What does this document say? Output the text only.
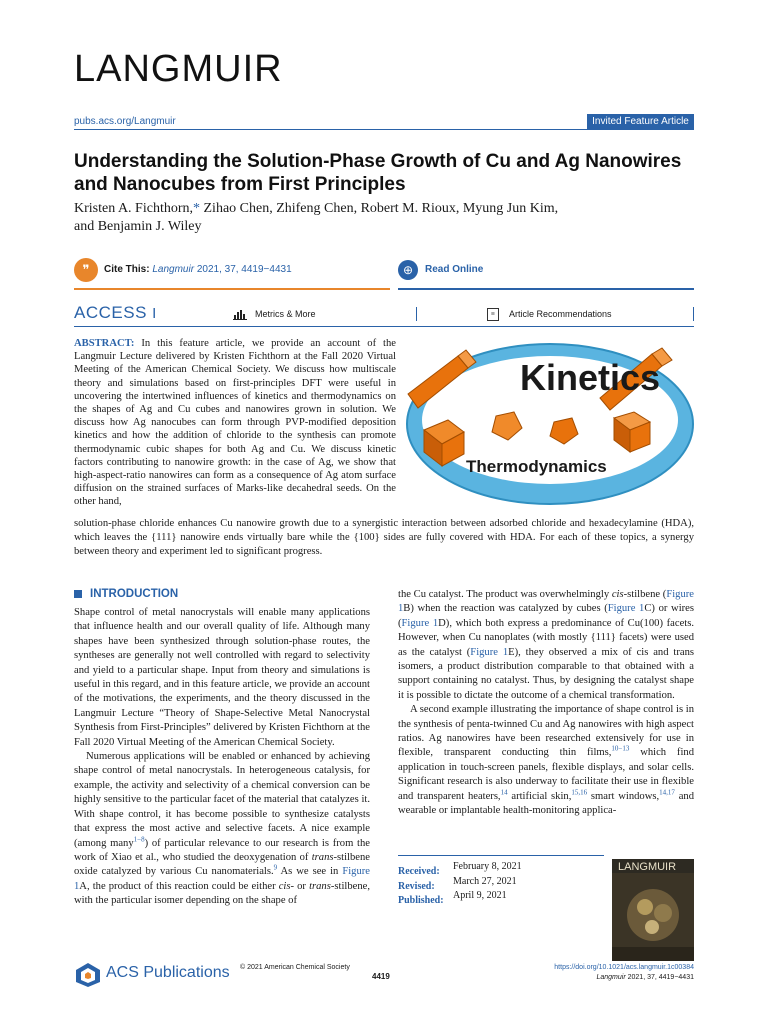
LANGMUIR
pubs.acs.org/Langmuir	Invited Feature Article
Understanding the Solution-Phase Growth of Cu and Ag Nanowires and Nanocubes from First Principles
Kristen A. Fichthorn,* Zihao Chen, Zhifeng Chen, Robert M. Rioux, Myung Jun Kim,
and Benjamin J. Wiley
❞	Cite This: Langmuir 2021, 37, 4419−4431	⊕	Read Online
ACCESS I	Metrics & More	≡	Article Recommendations
ABSTRACT: In this feature article, we provide an account of the Langmuir Lecture delivered by Kristen Fichthorn at the Fall 2020 Virtual Meeting of the American Chemical Society. We discuss how multiscale theory and simulations based on first-principles DFT were useful in uncovering the intertwined influences of kinetics and thermodynamics on the shapes of Ag and Cu cubes and nanowires grown in solution. We discuss how Ag nanocubes can form through PVP-modified deposition kinetics and how the addition of chloride to the synthesis can promote thermodynamic cubic shapes for both Ag and Cu. We discuss kinetic factors contributing to nanowire growth: in the case of Ag, we show that high-aspect-ratio nanowires can form as a consequence of Ag atom surface diffusion on the strained surfaces of Marks-like decahedral seeds. On the other hand,
solution-phase chloride enhances Cu nanowire growth due to a synergistic interaction between adsorbed chloride and hexadecylamine (HDA), which leaves the {111} nanowire ends virtually bare while the {100} sides are fully covered with HDA. For each of these topics, a synergy between theory and experiment led to significant progress.
Kinetics
Thermodynamics
INTRODUCTION
Shape control of metal nanocrystals will enable many applications that influence health and our overall quality of life. Although many shapes have been synthesized through solution-phase routes, the syntheses are generally not well controlled with regard to selectivity and yield to a particular shape. Input from theory and simulations is useful in this regard, and in this feature article, we provide an account of the motivations, the experiments, and the theory discussed in the Langmuir Lecture “Theory of Shape-Selective Metal Nanocrystal Synthesis from First-Principles” delivered by Kristen Fichthorn at the Fall 2020 Virtual Meeting of the American Chemical Society.
Numerous applications will be enabled or enhanced by achieving shape control of metal nanocrystals. In heterogeneous catalysis, for example, the activity and selectivity of a chemical conversion can be highly sensitive to the particular facet of the material that catalyzes it. With shape control, it has become possible to synthesize catalysts that express the most active and selective facets. A nice example (among many$^{1-8}$) of particular relevance to our research is from the work of Xiao et al., who studied the deoxygenation of trans-stilbene oxide catalyzed by various Cu nanomaterials.$^9$ As we see in Figure 1A, the product of this reaction could be either cis- or trans-stilbene, with the particular isomer depending on the shape of
the Cu catalyst. The product was overwhelmingly cis-stilbene (Figure 1B) when the reaction was catalyzed by cubes (Figure 1C) or wires (Figure 1D), which both express a predominance of Cu(100) facets. However, when Cu nanoplates (with mostly {111} facets) were used as the catalyst (Figure 1E), they observed a mix of cis and trans isomers, a product distribution comparable to that obtained with a support containing no catalyst. Thus, by designing the catalyst shape it is possible to dictate the outcome of a chemical transformation.
A second example illustrating the importance of shape control is in the synthesis of penta-twinned Cu and Ag nanowires with high aspect ratios. Ag nanowires have been researched extensively for use in flexible, transparent conducting thin films,$^{10-13}$ which find application in touch-screen panels, flexible displays, and solar cells. Significant research is also underway to facilitate their use in flexible and transparent heaters,$^{14}$ artificial skin,$^{15,16}$ smart windows,$^{14,17}$ and wearable or implantable health-monitoring applica-
Received: February 8, 2021
Revised: March 27, 2021
Published: April 9, 2021
LANGMUIR
ACS Publications © 2021 American Chemical Society
4419
https://doi.org/10.1021/acs.langmuir.1c00384
Langmuir 2021, 37, 4419−4431
